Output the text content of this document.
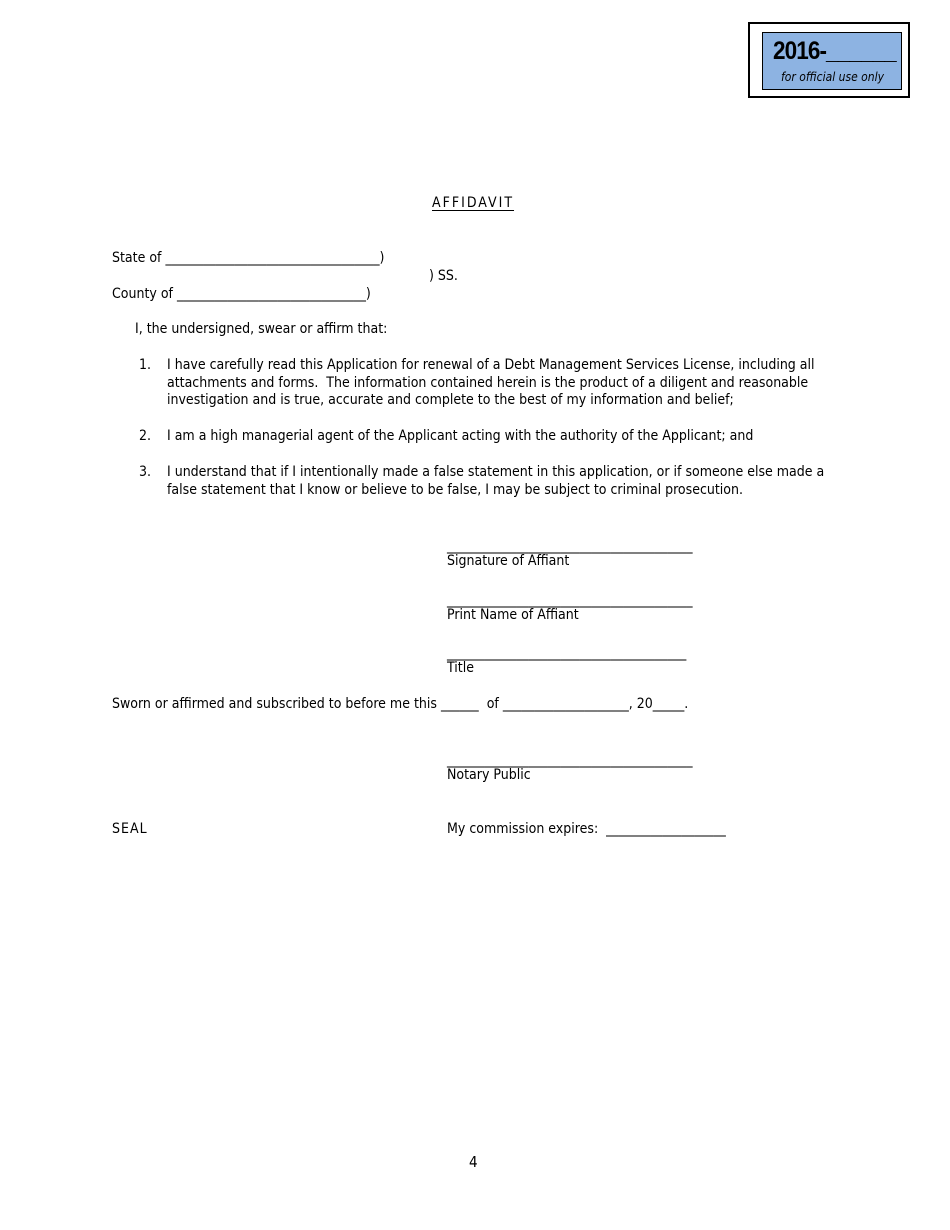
2016-______
for official use only
AFFIDAVIT
State of __________________________________)
) SS.
County of ______________________________)
I, the undersigned, swear or affirm that:
1. I have carefully read this Application for renewal of a Debt Management Services License, including all
attachments and forms.  The information contained herein is the product of a diligent and reasonable
investigation and is true, accurate and complete to the best of my information and belief;
2. I am a high managerial agent of the Applicant acting with the authority of the Applicant; and
3. I understand that if I intentionally made a false statement in this application, or if someone else made a
false statement that I know or believe to be false, I may be subject to criminal prosecution.
_______________________________________
Signature of Affiant
_______________________________________
Print Name of Affiant
______________________________________
Title
Sworn or affirmed and subscribed to before me this ______  of ____________________, 20_____.
_______________________________________
Notary Public
SEAL	My commission expires:  ___________________
4
